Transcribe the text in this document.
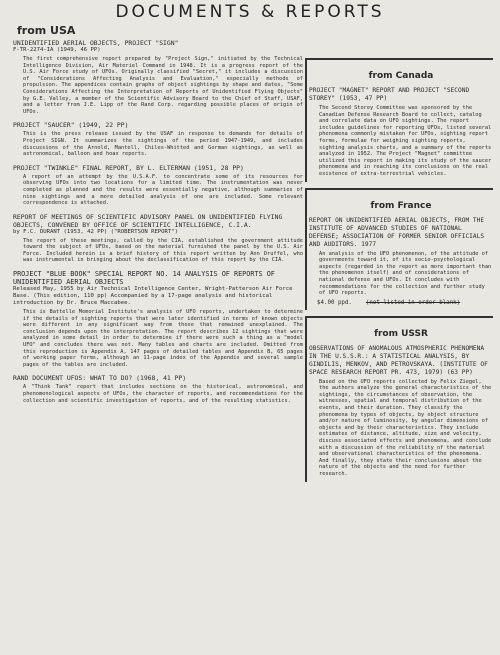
DOCUMENTS & REPORTS
from USA

UNIDENTIFIED AERIAL OBJECTS, PROJECT "SIGN"

F-TR-2274-IA (1949, 46 PP)

The first comprehensive report prepared by "Project Sign," initiated by the Technical Intelligence Division, Air Materiel Command in 1948. It is a progress report of the U.S. Air Force study of UFOs. Originally classified "Secret," it includes a discussion of "Considerations Affecting Analysis and Evaluation," especially methods of propulsion. The appendices contain graphs of object sightings by shape and dates, "Some Considerations Affecting the Interpretation of Reports of Unidentified Flying Objects" by G.E. Valley, a member of the Scientific Advisory Board to the Chief of Staff, USAF, and a letter from J.E. Lipp of the Rand Corp. regarding possible places of origin of UFOs.

PROJECT "SAUCER" (1949, 22 PP)

This is the press release issued by the USAF in response to demands for details of Project SIGN. It summarizes the sightings of the period 1947-1949, and includes discussions of the Arnold, Mantell, Chiles-Whitted and Gorman sightings, as well as astronomical, balloon and hoax reports.

PROJECT "TWINKLE" FINAL REPORT, BY L. ELTERMAN (1951, 28 PP)

A report of an attempt by the U.S.A.F. to concentrate some of its resources for observing UFOs into two locations for a limited time. The instrumentation was never completed as planned and the results were essentially negative, although summaries of nine sightings and a more detailed analysis of one are included. Some relevant correspondence is attached.

REPORT OF MEETINGS OF SCIENTIFIC ADVISORY PANEL ON UNIDENTIFIED FLYING OBJECTS, CONVENED BY OFFICE OF SCIENTIFIC INTELLIGENCE, C.I.A.

by F.C. DURANT (1953, 42 PP) ("ROBERTSON REPORT")

The report of these meetings, called by the CIA, established the government attitude toward the subject of UFOs, based on the material furnished the panel by the U.S. Air Force. Included herein is a brief history of this report written by Ann Druffel, who was instrumental in bringing about the declassification of this report by the CIA.

PROJECT "BLUE BOOK" SPECIAL REPORT NO. 14 ANALYSIS OF REPORTS OF UNIDENTIFIED AERIAL OBJECTS

Released May, 1955 by Air Technical Intelligence Center, Wright-Patterson Air Force Base. (This edition, 110 pp) Accompanied by a 17-page analysis and historical introduction by Dr. Bruce Maccabee.

This is Battelle Memorial Institute's analysis of UFO reports, undertaken to determine if the details of sighting reports that were later identified in terms of known objects were different in any significant way from those that remained unexplained. The conclusion depends upon the interpretation. The report describes 12 sightings that were analyzed in some detail in order to determine if there were such a thing as a "model UFO" and concludes there was not. Many tables and charts are included. Omitted from this reproduction is Appendix A, 147 pages of detailed tables and Appendix B, 65 pages of working paper forms, although an 11-page index of the Appendix and several sample pages of the tables are included.

RAND DOCUMENT UFOS: WHAT TO DO? (1968, 41 PP)

A "Think Tank" report that includes sections on the historical, astronomical, and phenomenological aspects of UFOs, the character of reports, and recommendations for the collection and scientific investigation of reports, and of the resulting statistics.

from Canada

PROJECT "MAGNET" REPORT AND PROJECT "SECOND STOREY" (1953, 47 PP)

The Second Storey Committee was sponsored by the Canadian Defense Research Board to collect, catalog and correlate data on UFO sightings. The report includes guidelines for reporting UFOs, listed several phenomena commonly mistaken for UFOs, sighting report forms, formulae for weighing sighting reports, sighting analysis charts, and a summary of the reports analyzed in 1952. The Project "Magnet" committee utilized this report in making its study of the saucer phenomena and in reaching its conclusions on the real existence of extra-terrestrial vehicles.

from France

REPORT ON UNIDENTIFIED AERIAL OBJECTS, FROM THE INSTITUTE OF ADVANCED STUDIES OF NATIONAL DEFENSE; ASSOCIATION OF FORMER SENIOR OFFICIALS AND AUDITORS. 1977

An analysis of the UFO phenomenon, of the attitude of governments toward it, of its socio-psychological aspects (regarded in the report as more important than the phenomenon itself) and of considerations of national defense and UFOs. It concludes with recommendations for the collection and further study of UFO reports.

$4.00 ppd. (not listed in order blank)
from USSR

OBSERVATIONS OF ANOMALOUS ATMOSPHERIC PHENOMENA IN THE U.S.S.R.: A STATISTICAL ANALYSIS, BY GINDILIS, MENKOV, AND PETROVSKAYA. (INSTITUTE OF SPACE RESEARCH REPORT PR. 473, 1979) (63 PP)

Based on the UFO reports collected by Felix Ziegel, the authors analyze the general characteristics of the sightings, the circumstances of observation, the witnesses, spatial and temporal distribution of the events, and their duration. They classify the phenomena by types of objects, by object structure and/or nature of luminosity, by angular dimensions of objects and by their characteristics. They include estimates of distance, altitude, size and velocity, discuss associated effects and phenomena, and conclude with a discussion of the reliability of the material and observational characteristics of the phenomena. And finally, they state their conclusions about the nature of the objects and the need for further research.
